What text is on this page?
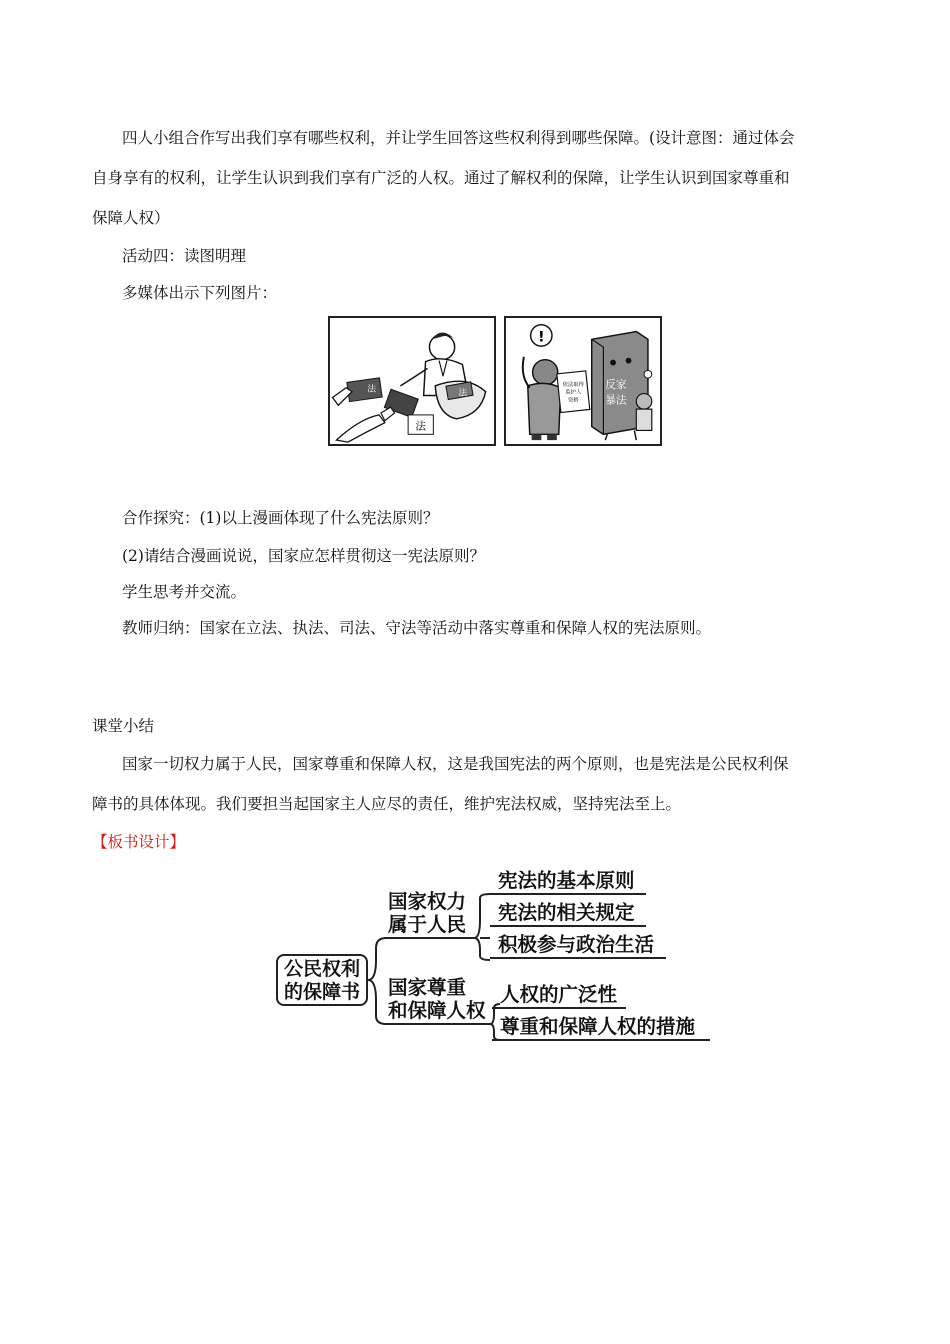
四人小组合作写出我们享有哪些权利，并让学生回答这些权利得到哪些保障。(设计意图：通过体会
自身享有的权利，让学生认识到我们享有广泛的人权。通过了解权利的保障，让学生认识到国家尊重和
保障人权）
活动四：读图明理
多媒体出示下列图片：
法
法	法
!
依法取得
监护人
资格
反家
暴法
合作探究：(1)以上漫画体现了什么宪法原则？
(2)请结合漫画说说，国家应怎样贯彻这一宪法原则？
学生思考并交流。
教师归纳：国家在立法、执法、司法、守法等活动中落实尊重和保障人权的宪法原则。
课堂小结
国家一切权力属于人民，国家尊重和保障人权，这是我国宪法的两个原则，也是宪法是公民权利保
障书的具体体现。我们要担当起国家主人应尽的责任，维护宪法权威，坚持宪法至上。
【板书设计】
公民权利
的保障书
国家权力
属于人民
宪法的基本原则
宪法的相关规定
积极参与政治生活
国家尊重
和保障人权
人权的广泛性
尊重和保障人权的措施
